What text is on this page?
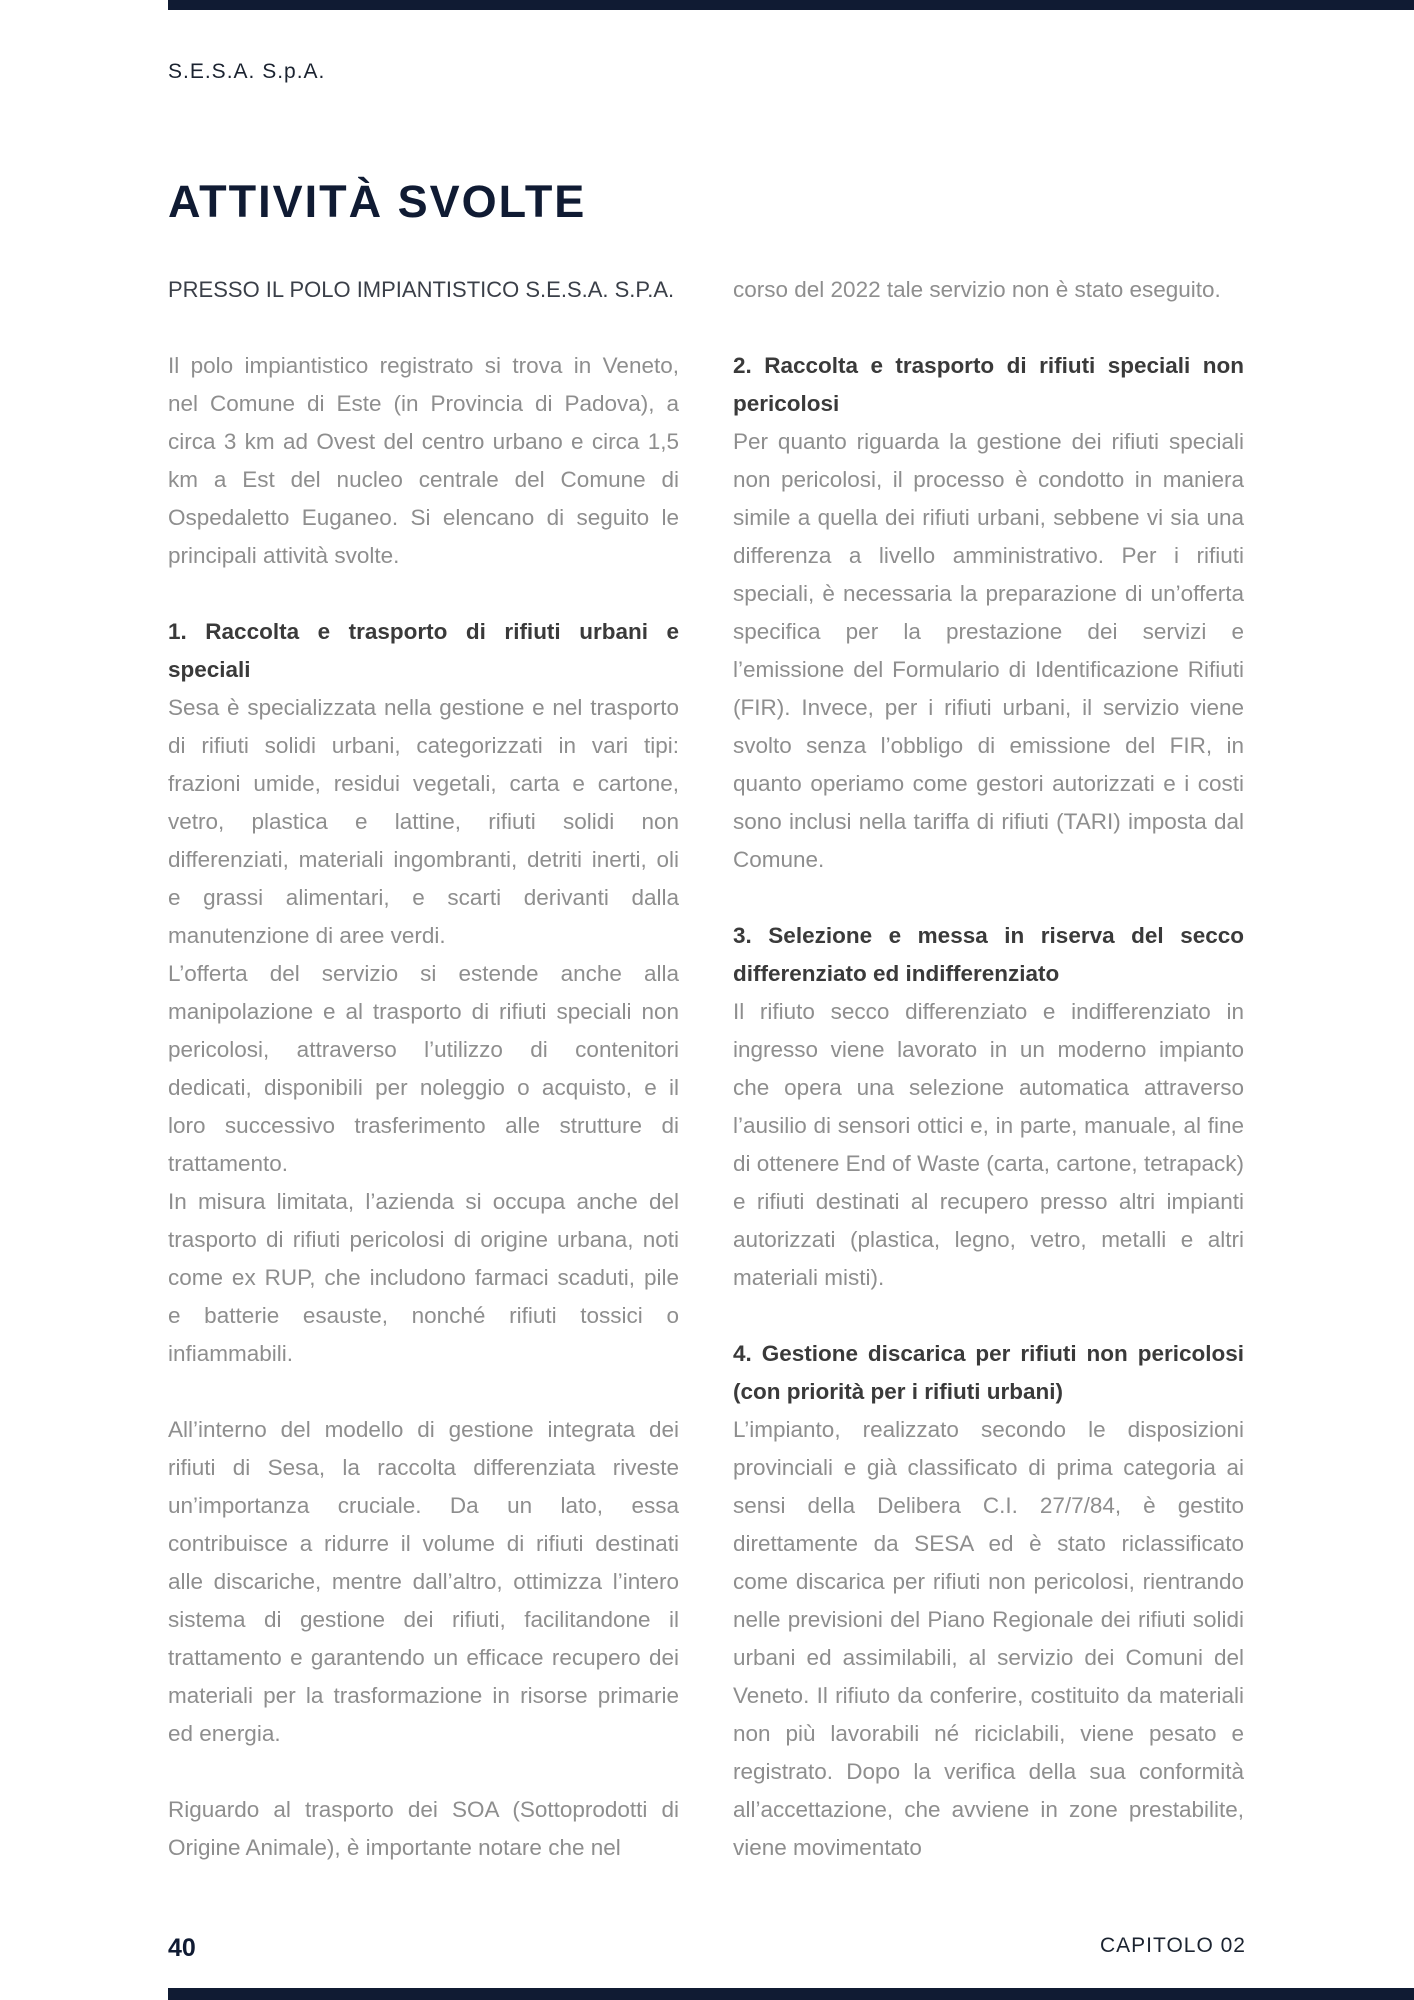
S.E.S.A. S.p.A.
ATTIVITÀ SVOLTE

PRESSO IL POLO IMPIANTISTICO S.E.S.A. S.P.A.

Il polo impiantistico registrato si trova in Veneto, nel Comune di Este (in Provincia di Padova), a circa 3 km ad Ovest del centro urbano e circa 1,5 km a Est del nucleo centrale del Comune di Ospedaletto Euganeo. Si elencano di seguito le principali attività svolte.

1. Raccolta e trasporto di rifiuti urbani e speciali

Sesa è specializzata nella gestione e nel trasporto di rifiuti solidi urbani, categorizzati in vari tipi: frazioni umide, residui vegetali, carta e cartone, vetro, plastica e lattine, rifiuti solidi non differenziati, materiali ingombranti, detriti inerti, oli e grassi alimentari, e scarti derivanti dalla manutenzione di aree verdi.

L’offerta del servizio si estende anche alla manipolazione e al trasporto di rifiuti speciali non pericolosi, attraverso l’utilizzo di contenitori dedicati, disponibili per noleggio o acquisto, e il loro successivo trasferimento alle strutture di trattamento.

In misura limitata, l’azienda si occupa anche del trasporto di rifiuti pericolosi di origine urbana, noti come ex RUP, che includono farmaci scaduti, pile e batterie esauste, nonché rifiuti tossici o infiammabili.

All’interno del modello di gestione integrata dei rifiuti di Sesa, la raccolta differenziata riveste un’importanza cruciale. Da un lato, essa contribuisce a ridurre il volume di rifiuti destinati alle discariche, mentre dall’altro, ottimizza l’intero sistema di gestione dei rifiuti, facilitandone il trattamento e garantendo un efficace recupero dei materiali per la trasformazione in risorse primarie ed energia.

Riguardo al trasporto dei SOA (Sottoprodotti di Origine Animale), è importante notare che nel

corso del 2022 tale servizio non è stato eseguito.

2. Raccolta e trasporto di rifiuti speciali non pericolosi

Per quanto riguarda la gestione dei rifiuti speciali non pericolosi, il processo è condotto in maniera simile a quella dei rifiuti urbani, sebbene vi sia una differenza a livello amministrativo. Per i rifiuti speciali, è necessaria la preparazione di un’offerta specifica per la prestazione dei servizi e l’emissione del Formulario di Identificazione Rifiuti (FIR). Invece, per i rifiuti urbani, il servizio viene svolto senza l’obbligo di emissione del FIR, in quanto operiamo come gestori autorizzati e i costi sono inclusi nella tariffa di rifiuti (TARI) imposta dal Comune.

3. Selezione e messa in riserva del secco differenziato ed indifferenziato

Il rifiuto secco differenziato e indifferenziato in ingresso viene lavorato in un moderno impianto che opera una selezione automatica attraverso l’ausilio di sensori ottici e, in parte, manuale, al fine di ottenere End of Waste (carta, cartone, tetrapack) e rifiuti destinati al recupero presso altri impianti autorizzati (plastica, legno, vetro, metalli e altri materiali misti).

4. Gestione discarica per rifiuti non pericolosi (con priorità per i rifiuti urbani)

L’impianto, realizzato secondo le disposizioni provinciali e già classificato di prima categoria ai sensi della Delibera C.I. 27/7/84, è gestito direttamente da SESA ed è stato riclassificato come discarica per rifiuti non pericolosi, rientrando nelle previsioni del Piano Regionale dei rifiuti solidi urbani ed assimilabili, al servizio dei Comuni del Veneto. Il rifiuto da conferire, costituito da materiali non più lavorabili né riciclabili, viene pesato e registrato. Dopo la verifica della sua conformità all’accettazione, che avviene in zone prestabilite, viene movimentato

40	CAPITOLO 02
